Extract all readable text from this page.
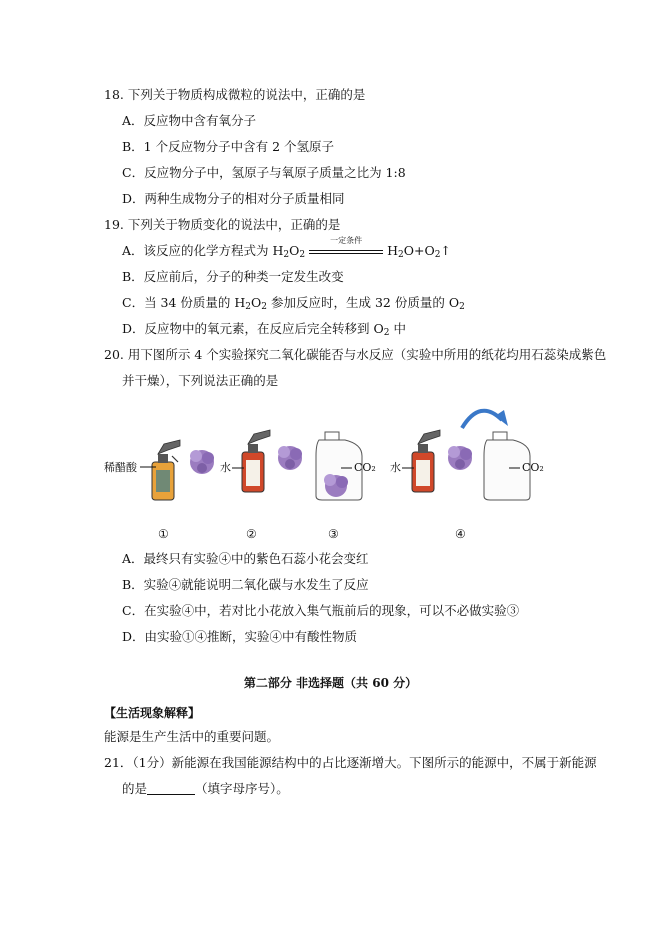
18. 下列关于物质构成微粒的说法中，正确的是
A．反应物中含有氧分子
B．1 个反应物分子中含有 2 个氢原子
C．反应物分子中，氢原子与氧原子质量之比为 1:8
D．两种生成物分子的相对分子质量相同
19. 下列关于物质变化的说法中，正确的是
A．该反应的化学方程式为 $H_2O_2$
一定条件
$H_2O+O_2↑$
B．反应前后，分子的种类一定发生改变
C．当 34 份质量的 $H_2O_2$ 参加反应时，生成 32 份质量的 $O_2$
D．反应物中的氧元素，在反应后完全转移到 $O_2$ 中
20. 用下图所示 4 个实验探究二氧化碳能否与水反应（实验中所用的纸花均用石蕊染成紫色
并干燥），下列说法正确的是
稀醋酸	水	水
CO₂	CO₂
①	②	③	④
A．最终只有实验④中的紫色石蕊小花会变红
B．实验④就能说明二氧化碳与水发生了反应
C．在实验④中，若对比小花放入集气瓶前后的现象，可以不必做实验③
D．由实验①④推断，实验④中有酸性物质
第二部分 非选择题（共 60 分）
【生活现象解释】
能源是生产生活中的重要问题。
21．（1分）新能源在我国能源结构中的占比逐渐增大。下图所示的能源中，不属于新能源
的是	（填字母序号）。
